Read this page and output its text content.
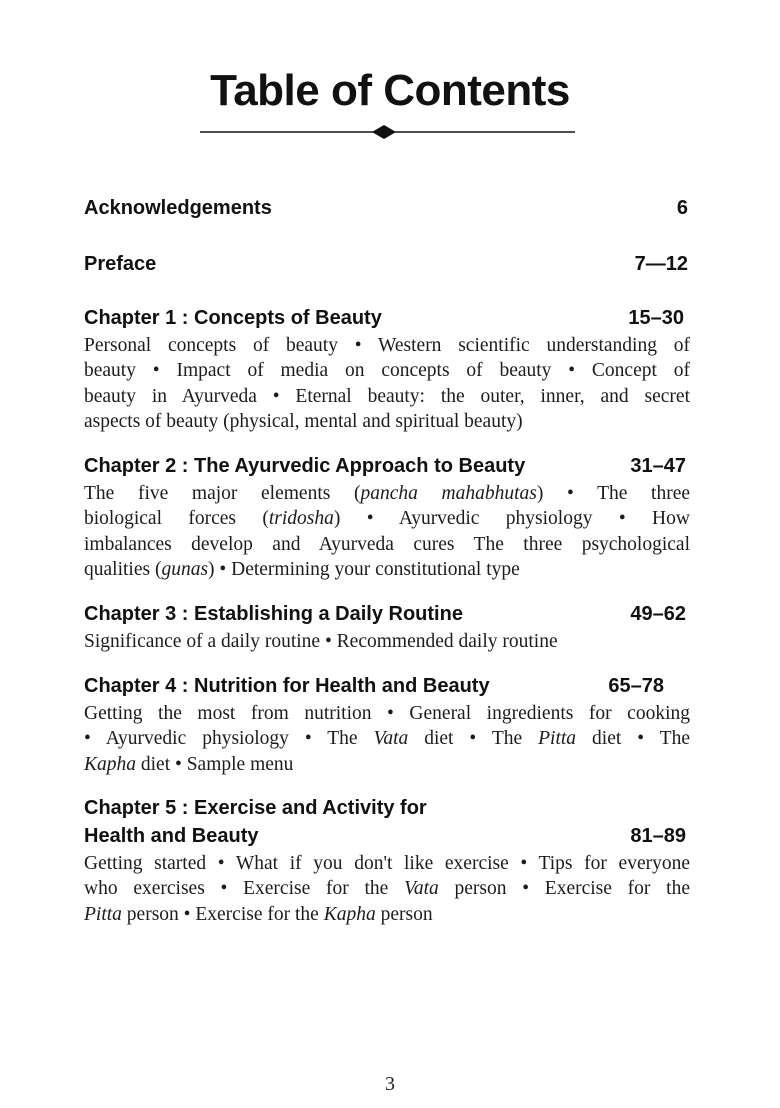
Table of Contents
Acknowledgements	6
Preface	7—12
Chapter 1 : Concepts of Beauty	15–30
Personal concepts of beauty • Western scientific understanding of
beauty • Impact of media on concepts of beauty • Concept of
beauty in Ayurveda • Eternal beauty: the outer, inner, and secret
aspects of beauty (physical, mental and spiritual beauty)
Chapter 2 : The Ayurvedic Approach to Beauty	31–47
The five major elements (pancha mahabhutas) • The three
biological forces (tridosha) • Ayurvedic physiology • How
imbalances develop and Ayurveda cures The three psychological
qualities (gunas) • Determining your constitutional type
Chapter 3 : Establishing a Daily Routine	49–62
Significance of a daily routine • Recommended daily routine
Chapter 4 : Nutrition for Health and Beauty	65–78
Getting the most from nutrition • General ingredients for cooking
• Ayurvedic physiology • The Vata diet • The Pitta diet • The
Kapha diet • Sample menu
Chapter 5 : Exercise and Activity for
Health and Beauty	81–89
Getting started • What if you don't like exercise • Tips for everyone
who exercises • Exercise for the Vata person • Exercise for the
Pitta person • Exercise for the Kapha person
3
